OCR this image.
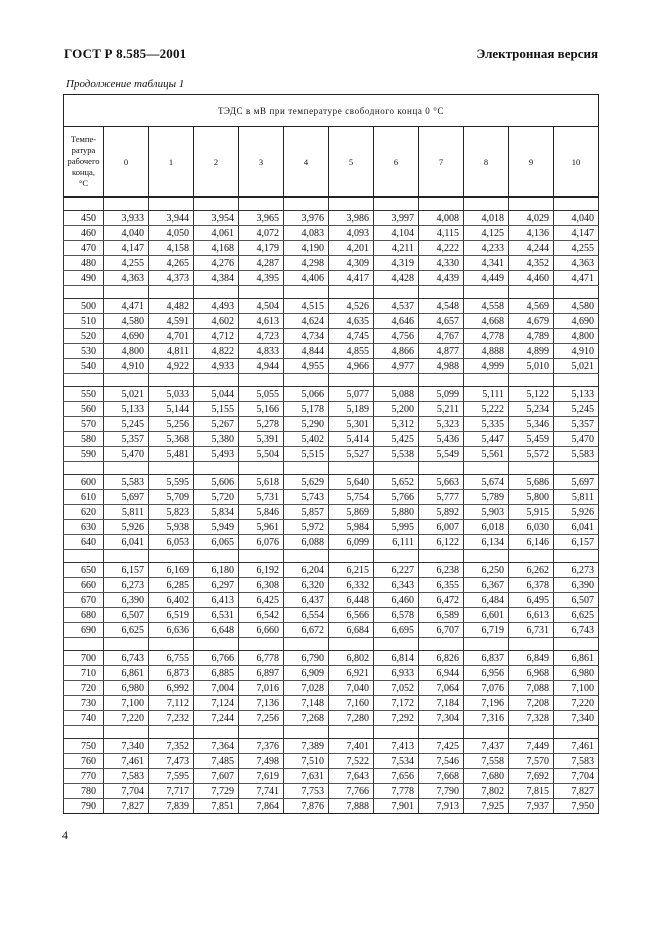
ГОСТ Р 8.585—2001	Электронная версия
Продолжение таблицы 1
ТЭДС в мВ при температуре свободного конца 0 °С											

Темпе-
ратура
рабочего
конца,
°С	0	1	2	3	4	5	6	7	8	9	10

450	3,933	3,944	3,954	3,965	3,976	3,986	3,997	4,008	4,018	4,029	4,040
460	4,040	4,050	4,061	4,072	4,083	4,093	4,104	4,115	4,125	4,136	4,147
470	4,147	4,158	4,168	4,179	4,190	4,201	4,211	4,222	4,233	4,244	4,255
480	4,255	4,265	4,276	4,287	4,298	4,309	4,319	4,330	4,341	4,352	4,363
490	4,363	4,373	4,384	4,395	4,406	4,417	4,428	4,439	4,449	4,460	4,471

500	4,471	4,482	4,493	4,504	4,515	4,526	4,537	4,548	4,558	4,569	4,580
510	4,580	4,591	4,602	4,613	4,624	4,635	4,646	4,657	4,668	4,679	4,690
520	4,690	4,701	4,712	4,723	4,734	4,745	4,756	4,767	4,778	4,789	4,800
530	4,800	4,811	4,822	4,833	4,844	4,855	4,866	4,877	4,888	4,899	4,910
540	4,910	4,922	4,933	4,944	4,955	4,966	4,977	4,988	4,999	5,010	5,021

550	5,021	5,033	5,044	5,055	5,066	5,077	5,088	5,099	5,111	5,122	5,133
560	5,133	5,144	5,155	5,166	5,178	5,189	5,200	5,211	5,222	5,234	5,245
570	5,245	5,256	5,267	5,278	5,290	5,301	5,312	5,323	5,335	5,346	5,357
580	5,357	5,368	5,380	5,391	5,402	5,414	5,425	5,436	5,447	5,459	5,470
590	5,470	5,481	5,493	5,504	5,515	5,527	5,538	5,549	5,561	5,572	5,583

600	5,583	5,595	5,606	5,618	5,629	5,640	5,652	5,663	5,674	5,686	5,697
610	5,697	5,709	5,720	5,731	5,743	5,754	5,766	5,777	5,789	5,800	5,811
620	5,811	5,823	5,834	5,846	5,857	5,869	5,880	5,892	5,903	5,915	5,926
630	5,926	5,938	5,949	5,961	5,972	5,984	5,995	6,007	6,018	6,030	6,041
640	6,041	6,053	6,065	6,076	6,088	6,099	6,111	6,122	6,134	6,146	6,157

650	6,157	6,169	6,180	6,192	6,204	6,215	6,227	6,238	6,250	6,262	6,273
660	6,273	6,285	6,297	6,308	6,320	6,332	6,343	6,355	6,367	6,378	6,390
670	6,390	6,402	6,413	6,425	6,437	6,448	6,460	6,472	6,484	6,495	6,507
680	6,507	6,519	6,531	6,542	6,554	6,566	6,578	6,589	6,601	6,613	6,625
690	6,625	6,636	6,648	6,660	6,672	6,684	6,695	6,707	6,719	6,731	6,743

700	6,743	6,755	6,766	6,778	6,790	6,802	6,814	6,826	6,837	6,849	6,861
710	6,861	6,873	6,885	6,897	6,909	6,921	6,933	6,944	6,956	6,968	6,980
720	6,980	6,992	7,004	7,016	7,028	7,040	7,052	7,064	7,076	7,088	7,100
730	7,100	7,112	7,124	7,136	7,148	7,160	7,172	7,184	7,196	7,208	7,220
740	7,220	7,232	7,244	7,256	7,268	7,280	7,292	7,304	7,316	7,328	7,340

750	7,340	7,352	7,364	7,376	7,389	7,401	7,413	7,425	7,437	7,449	7,461
760	7,461	7,473	7,485	7,498	7,510	7,522	7,534	7,546	7,558	7,570	7,583
770	7,583	7,595	7,607	7,619	7,631	7,643	7,656	7,668	7,680	7,692	7,704
780	7,704	7,717	7,729	7,741	7,753	7,766	7,778	7,790	7,802	7,815	7,827
790	7,827	7,839	7,851	7,864	7,876	7,888	7,901	7,913	7,925	7,937	7,950
4
